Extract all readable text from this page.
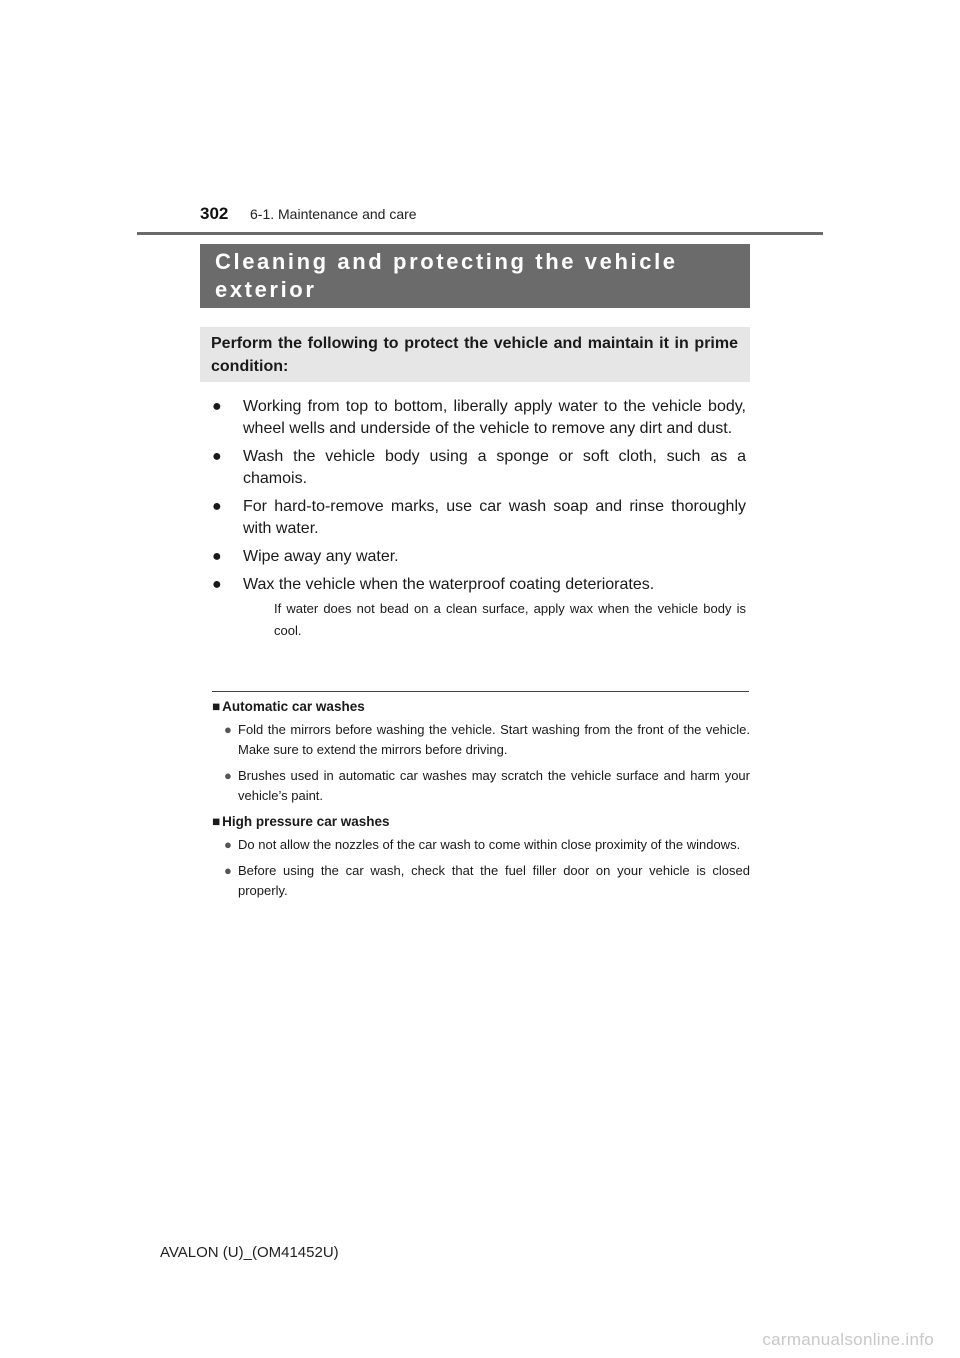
302	6-1. Maintenance and care
Cleaning and protecting the vehicle
exterior
Perform the following to protect the vehicle and maintain it in prime condition:
● Working from top to bottom, liberally apply water to the vehicle body, wheel wells and underside of the vehicle to remove any dirt and dust.
● Wash the vehicle body using a sponge or soft cloth, such as a chamois.
● For hard-to-remove marks, use car wash soap and rinse thoroughly with water.
● Wipe away any water.
● Wax the vehicle when the waterproof coating deteriorates.
If water does not bead on a clean surface, apply wax when the vehicle body is cool.
■ Automatic car washes
● Fold the mirrors before washing the vehicle. Start washing from the front of the vehicle. Make sure to extend the mirrors before driving.
● Brushes used in automatic car washes may scratch the vehicle surface and harm your vehicle’s paint.
■ High pressure car washes
● Do not allow the nozzles of the car wash to come within close proximity of the windows.
● Before using the car wash, check that the fuel filler door on your vehicle is closed properly.
AVALON (U)_(OM41452U)
carmanualsonline.info
